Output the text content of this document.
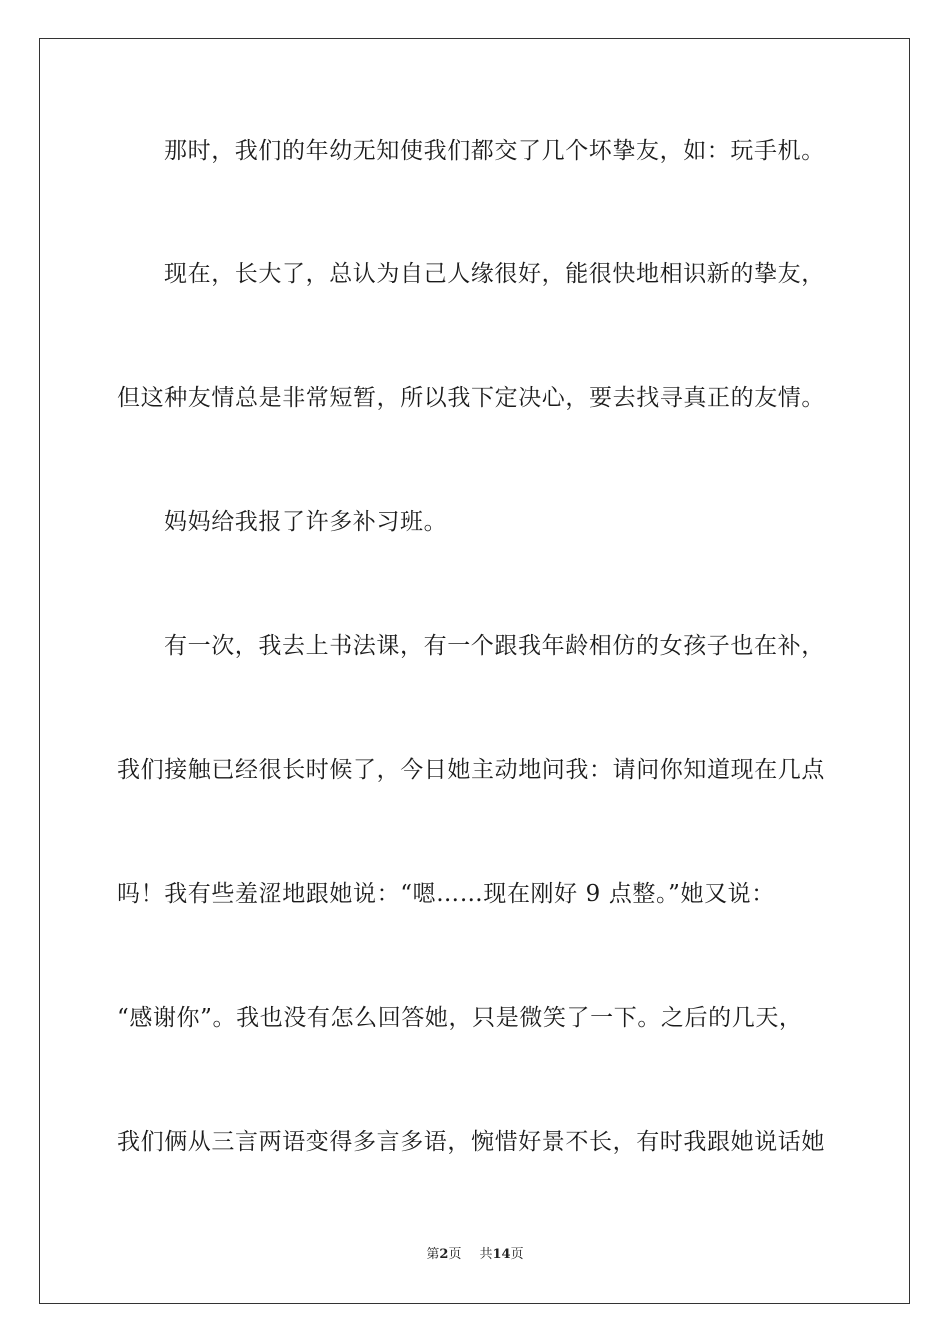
那时，我们的年幼无知使我们都交了几个坏挚友，如：玩手机。
现在，长大了，总认为自己人缘很好，能很快地相识新的挚友，
但这种友情总是非常短暂，所以我下定决心，要去找寻真正的友情。
妈妈给我报了许多补习班。
有一次，我去上书法课，有一个跟我年龄相仿的女孩子也在补，
我们接触已经很长时候了，今日她主动地问我：请问你知道现在几点
吗！我有些羞涩地跟她说：“嗯……现在刚好 9 点整。”她又说：
“感谢你”。我也没有怎么回答她，只是微笑了一下。之后的几天，
我们俩从三言两语变得多言多语，惋惜好景不长，有时我跟她说话她
第2页 共14页
